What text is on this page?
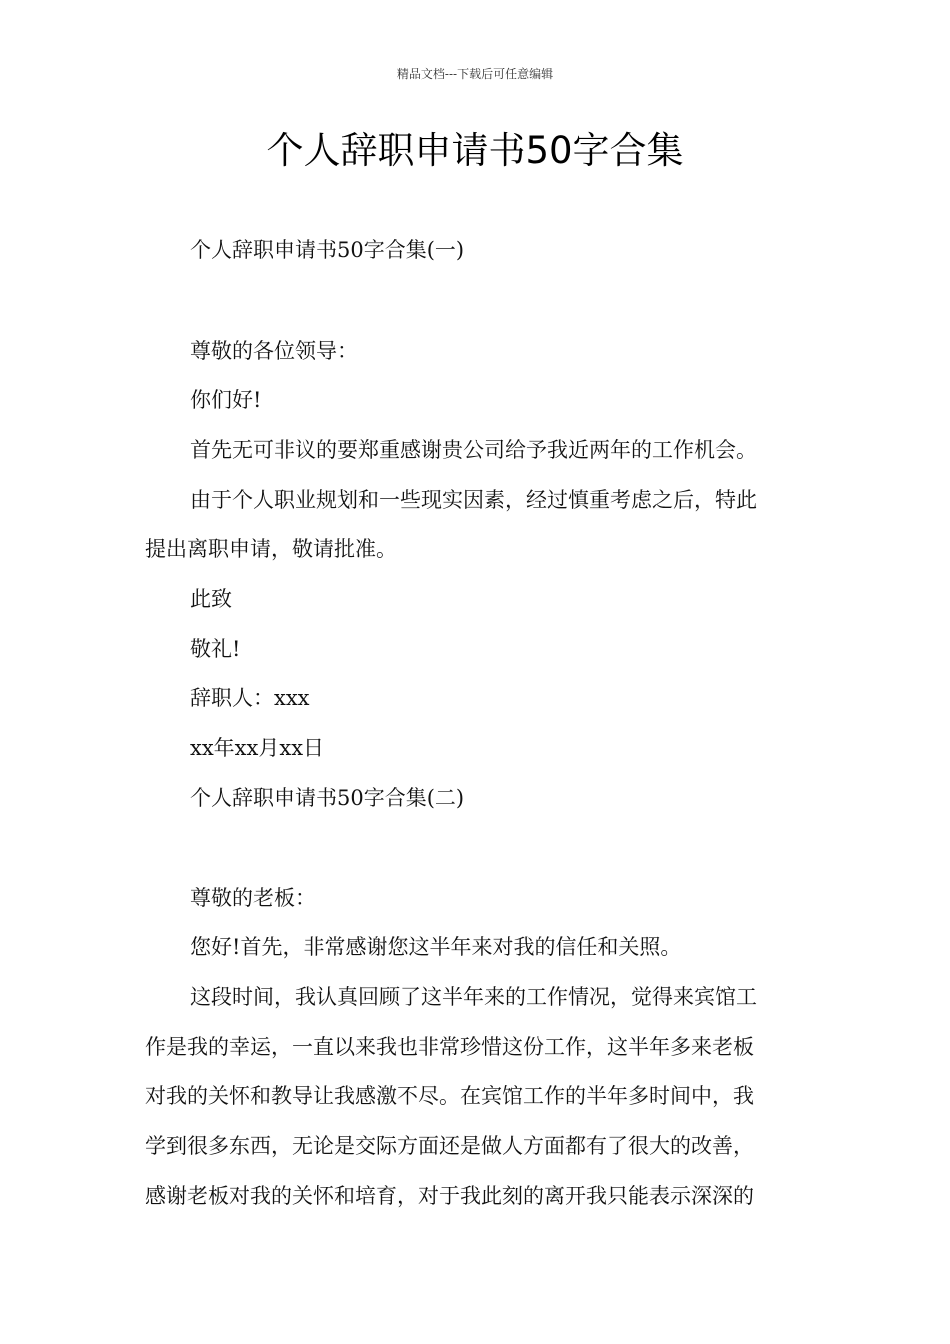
精品文档---下载后可任意编辑
个人辞职申请书50字合集
个人辞职申请书50字合集(一)
尊敬的各位领导：
你们好!
首先无可非议的要郑重感谢贵公司给予我近两年的工作机会。
由于个人职业规划和一些现实因素，经过慎重考虑之后，特此
提出离职申请，敬请批准。
此致
敬礼!
辞职人：xxx
xx年xx月xx日
个人辞职申请书50字合集(二)
尊敬的老板：
您好!首先，非常感谢您这半年来对我的信任和关照。
这段时间，我认真回顾了这半年来的工作情况，觉得来宾馆工
作是我的幸运，一直以来我也非常珍惜这份工作，这半年多来老板
对我的关怀和教导让我感激不尽。在宾馆工作的半年多时间中，我
学到很多东西，无论是交际方面还是做人方面都有了很大的改善，
感谢老板对我的关怀和培育，对于我此刻的离开我只能表示深深的
